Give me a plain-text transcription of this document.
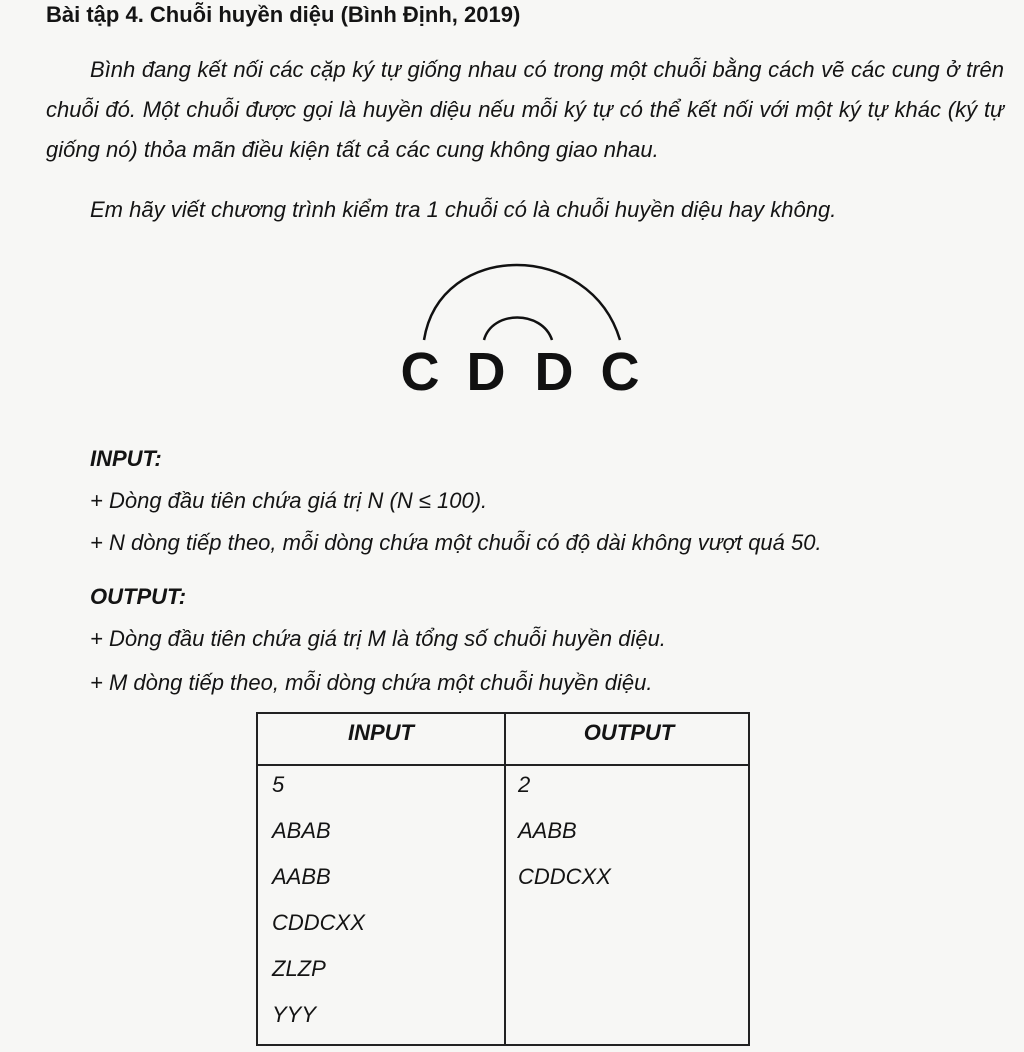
Bài tập 4. Chuỗi huyền diệu (Bình Định, 2019)

Bình đang kết nối các cặp ký tự giống nhau có trong một chuỗi bằng cách vẽ các cung ở trên chuỗi đó. Một chuỗi được gọi là huyền diệu nếu mỗi ký tự có thể kết nối với một ký tự khác (ký tự giống nó) thỏa mãn điều kiện tất cả các cung không giao nhau.

Em hãy viết chương trình kiểm tra 1 chuỗi có là chuỗi huyền diệu hay không.

C D D C
INPUT:
+ Dòng đầu tiên chứa giá trị N (N ≤ 100).
+ N dòng tiếp theo, mỗi dòng chứa một chuỗi có độ dài không vượt quá 50.
OUTPUT:
+ Dòng đầu tiên chứa giá trị M là tổng số chuỗi huyền diệu.
+ M dòng tiếp theo, mỗi dòng chứa một chuỗi huyền diệu.
INPUT	OUTPUT
5
ABAB
AABB
CDDCXX
ZLZP
YYY
2
AABB
CDDCXX
